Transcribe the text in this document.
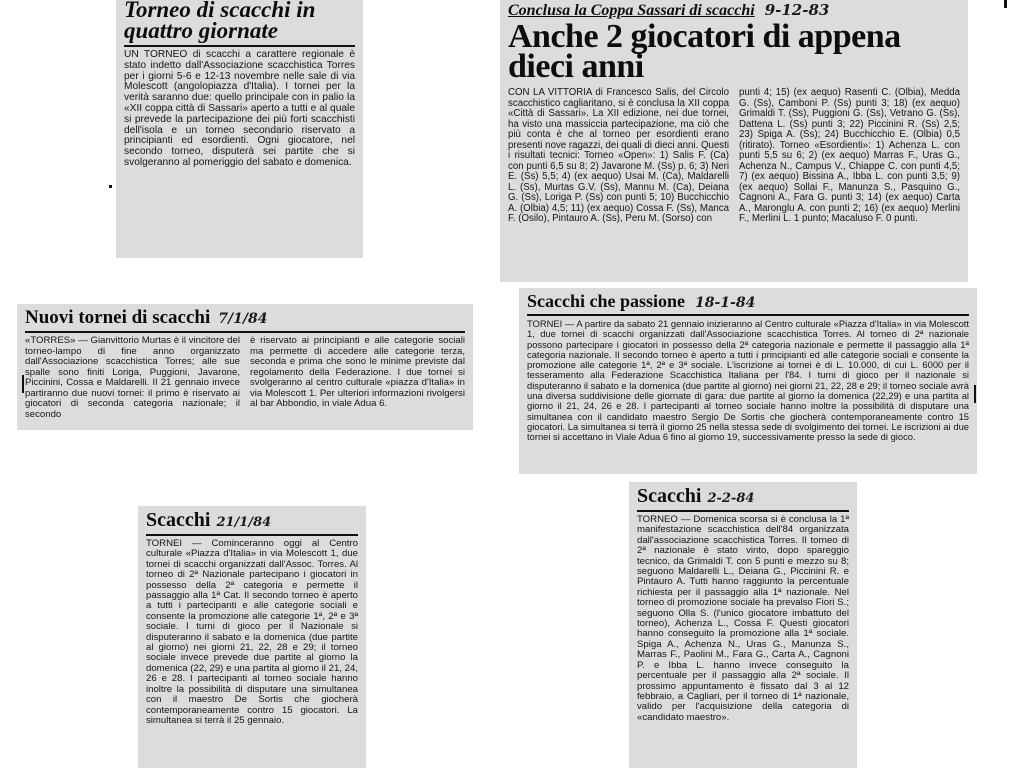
Torneo di scacchi in quattro giornate

UN TORNEO di scacchi a carattere regionale è stato indetto dall'Associazione scacchistica Torres per i giorni 5-6 e 12-13 novembre nelle sale di via Molescott (angolopiazza d'Italia). I tornei per la verità saranno due: quello principale con in palio la «XII coppa città di Sassari» aperto a tutti e al quale si prevede la partecipazione dei più forti scacchisti dell'isola e un torneo secondario riservato a principianti ed esordienti. Ogni giocatore, nel secondo torneo, disputerà sei partite che si svolgeranno al pomeriggio del sabato e domenica.

Conclusa la Coppa Sassari di scacchi 9-12-83
Anche 2 giocatori di appena dieci anni

CON LA VITTORIA di Francesco Salis, del Circolo scacchistico cagliaritano, si è conclusa la XII coppa «Città di Sassari». La XII edizione, nei due tornei, ha visto una massiccia partecipazione, ma ciò che più conta è che al torneo per esordienti erano presenti nove ragazzi, dei quali di dieci anni. Questi i risultati tecnici: Torneo «Open»: 1) Salis F. (Ca) con punti 6,5 su 8; 2) Javarone M. (Ss) p. 6; 3) Neri E. (Ss) 5,5; 4) (ex aequo) Usai M. (Ca), Maldarelli L. (Ss), Murtas G.V. (Ss), Mannu M. (Ca), Deiana G. (Ss), Loriga P. (Ss) con punti 5; 10) Bucchicchio A. (Olbia) 4,5; 11) (ex aequo) Cossa F. (Ss), Manca F. (Osilo), Pintauro A. (Ss), Peru M. (Sorso) con

punti 4; 15) (ex aequo) Rasenti C. (Olbia), Medda G. (Ss), Camboni P. (Ss) punti 3; 18) (ex aequo) Grimaldi T. (Ss), Puggioni G. (Ss), Vetrano G. (Ss), Dattena L. (Ss) punti 3; 22) Piccinini R. (Ss) 2,5; 23) Spiga A. (Ss); 24) Bucchicchio E. (Olbia) 0,5 (ritirato). Torneo «Esordienti»: 1) Achenza L. con punti 5,5 su 6; 2) (ex aequo) Marras F., Uras G., Achenza N., Campus V., Chiappe C. con punti 4,5; 7) (ex aequo) Bissina A., Ibba L. con punti 3,5; 9) (ex aequo) Sollai F., Manunza S., Pasquino G., Cagnoni A., Fara G. punti 3; 14) (ex aequo) Carta A., Maronglu A. con punti 2; 16) (ex aequo) Merlini F., Merlini L. 1 punto; Macaluso F. 0 punti.

Nuovi tornei di scacchi 7/1/84

«TORRES» — Gianvittorio Murtas è il vincitore del torneo-lampo di fine anno organizzato dall'Associazione scacchistica Torres; alle sue spalle sono finiti Loriga, Puggioni, Javarone, Piccinini, Cossa e Maldarelli. Il 21 gennaio invece partiranno due nuovi tornei: il primo è riservato ai giocatori di seconda categoria nazionale; il secondo

è riservato ai principianti e alle categorie sociali ma permette di accedere alle categorie terza, seconda e prima che sono le minime previste dal regolamento della Federazione. I due tornei si svolgeranno al centro culturale «piazza d'Italia» in via Molescott 1. Per ulteriori informazioni rivolgersi al bar Abbondio, in viale Adua 6.

Scacchi che passione 18-1-84

TORNEI — A partire da sabato 21 gennaio inizieranno al Centro culturale «Piazza d'Italia» in via Molescott 1, due tornei di scacchi organizzati dall'Associazione scacchistica Torres. Al torneo di 2ª nazionale possono partecipare i giocatori in possesso della 2ª categoria nazionale e permette il passaggio alla 1ª categoria nazionale. Il secondo torneo è aperto a tutti i principianti ed alle categorie sociali e consente la promozione alle categorie 1ª, 2ª e 3ª sociale. L'iscrizione ai tornei è di L. 10.000, di cui L. 6000 per il tesseramento alla Federazione Scacchistica Italiana per l'84. I turni di gioco per il nazionale si disputeranno il sabato e la domenica (due partite al giorno) nei giorni 21, 22, 28 e 29; il torneo sociale avrà una diversa suddivisione delle giornate di gara: due partite al giorno la domenica (22,29) e una partita al giorno il 21, 24, 26 e 28. I partecipanti al torneo sociale hanno inoltre la possibilità di disputare una simultanea con il candidato maestro Sergio De Sortis che giocherà contemporaneamente contro 15 giocatori. La simultanea si terrà il giorno 25 nella stessa sede di svolgimento dei tornei. Le iscrizioni ai due tornei si accettano in Viale Adua 6 fino al giorno 19, successivamente presso la sede di gioco.

Scacchi 21/1/84

TORNEI — Cominceranno oggi al Centro culturale «Piazza d'Italia» in via Molescott 1, due tornei di scacchi organizzati dall'Assoc. Torres. Al torneo di 2ª Nazionale partecipano i giocatori in possesso della 2ª categoria e permette il passaggio alla 1ª Cat. Il secondo torneo è aperto a tutti i partecipanti e alle categorie sociali e consente la promozione alle categorie 1ª, 2ª e 3ª sociale. I turni di gioco per il Nazionale si disputeranno il sabato e la domenica (due partite al giorno) nei giorni 21, 22, 28 e 29; il torneo sociale invece prevede due partite al giorno la domenica (22, 29) e una partita al giorno il 21, 24, 26 e 28. I partecipanti al torneo sociale hanno inoltre la possibilità di disputare una simultanea con il maestro De Sortis che giocherà contemporaneamente contro 15 giocatori. La simultanea si terrà il 25 gennaio.

Scacchi 2-2-84

TORNEO — Domenica scorsa si è conclusa la 1ª manifestazione scacchistica dell'84 organizzata dall'associazione scacchistica Torres. Il torneo di 2ª nazionale è stato vinto, dopo spareggio tecnico, da Grimaldi T. con 5 punti e mezzo su 8; seguono Maldarelli L., Deiana G., Piccinini R. e Pintauro A. Tutti hanno raggiunto la percentuale richiesta per il passaggio alla 1ª nazionale. Nel torneo di promozione sociale ha prevalso Fiori S.; seguono Olla S. (l'unico giocatore imbattuto del torneo), Achenza L., Cossa F. Questi giocatori hanno conseguito la promozione alla 1ª sociale. Spiga A., Achenza N., Uras G., Manunza S., Marras F., Paolini M., Fara G., Carta A., Cagnoni P. e Ibba L. hanno invece conseguito la percentuale per il passaggio alla 2ª sociale. Il prossimo appuntamento è fissato dal 3 al 12 febbraio, a Cagliari, per il torneo di 1ª nazionale, valido per l'acquisizione della categoria di «candidato maestro».
